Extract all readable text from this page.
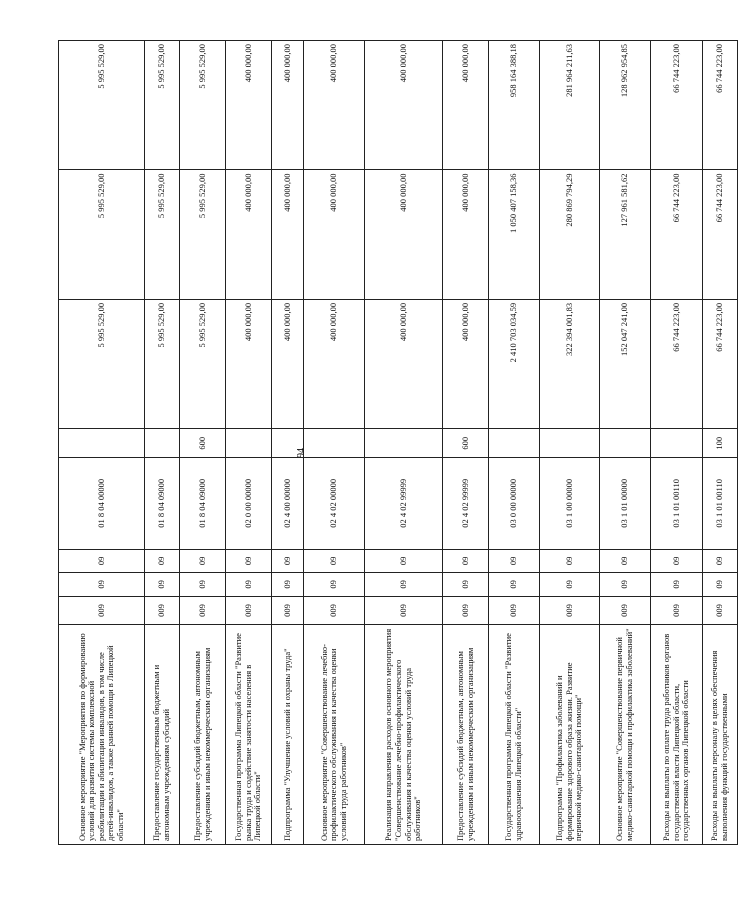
94
Основное мероприятие "Мероприятия по формированию условий для развития системы комплексной реабилитации и абилитации инвалидов, в том числе детей-инвалидов, а также ранней помощи в Липецкой области"	009	09	09	01 8 04 00000		5 995 529,00	5 995 529,00	5 995 529,00
Предоставление государственным бюджетным и автономным учреждениям субсидий	009	09	09	01 8 04 09000		5 995 529,00	5 995 529,00	5 995 529,00
Предоставление субсидий бюджетным, автономным учреждениям и иным некоммерческим организациям	009	09	09	01 8 04 09000	600	5 995 529,00	5 995 529,00	5 995 529,00
Государственная программа Липецкой области "Развитие рынка труда и содействие занятости населения в Липецкой области"	009	09	09	02 0 00 00000		400 000,00	400 000,00	400 000,00
Подпрограмма "Улучшение условий и охраны труда"	009	09	09	02 4 00 00000		400 000,00	400 000,00	400 000,00
Основное мероприятие "Совершенствование лечебно-профилактического обслуживания и качества оценки условий труда работников"	009	09	09	02 4 02 00000		400 000,00	400 000,00	400 000,00
Реализация направления расходов основного мероприятия "Совершенствование лечебно-профилактического обслуживания и качества оценки условий труда работников"	009	09	09	02 4 02 99999		400 000,00	400 000,00	400 000,00
Предоставление субсидий бюджетным, автономным учреждениям и иным некоммерческим организациям	009	09	09	02 4 02 99999	600	400 000,00	400 000,00	400 000,00
Государственная программа Липецкой области "Развитие здравоохранения Липецкой области"	009	09	09	03 0 00 00000		2 410 703 034,59	1 050 407 158,36	958 164 388,18
Подпрограмма "Профилактика заболеваний и формирование здорового образа жизни. Развитие первичной медико-санитарной помощи"	009	09	09	03 1 00 00000		322 394 001,83	280 869 794,29	281 964 211,63
Основное мероприятие "Совершенствование первичной медико-санитарной помощи и профилактика заболеваний"	009	09	09	03 1 01 00000		152 047 241,00	127 961 581,62	128 962 954,85
Расходы на выплаты по оплате труда работников органов государственной власти Липецкой области, государственных органов Липецкой области	009	09	09	03 1 01 00110		66 744 223,00	66 744 223,00	66 744 223,00
Расходы на выплаты персоналу в целях обеспечения выполнения функций государственными	009	09	09	03 1 01 00110	100	66 744 223,00	66 744 223,00	66 744 223,00
